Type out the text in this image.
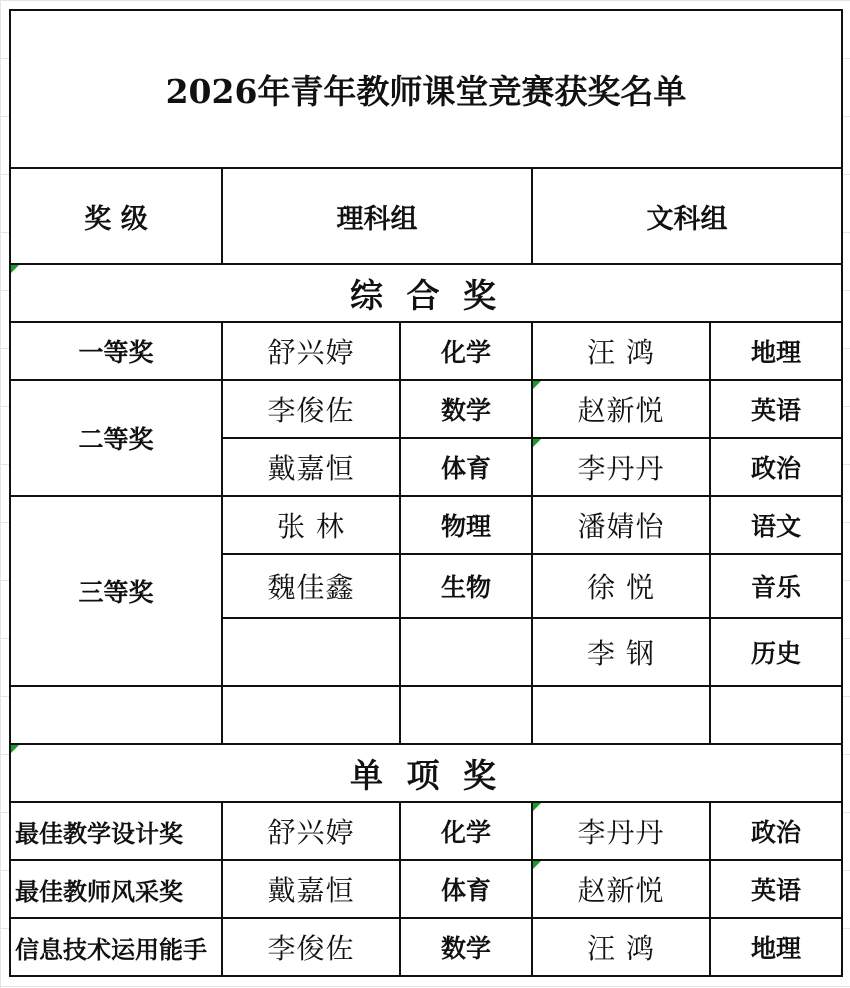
2026年青年教师课堂竞赛获奖名单				
奖 级	理科组		文科组	
综 合 奖				
一等奖	舒兴婷	化学	汪 鸿	地理
二等奖	李俊佐	数学	赵新悦	英语
	戴嘉恒	体育	李丹丹	政治
三等奖	张 林	物理	潘婧怡	语文
	魏佳鑫	生物	徐 悦	音乐
			李 钢	历史

单 项 奖				
最佳教学设计奖	舒兴婷	化学	李丹丹	政治
最佳教师风采奖	戴嘉恒	体育	赵新悦	英语
信息技术运用能手	李俊佐	数学	汪 鸿	地理
